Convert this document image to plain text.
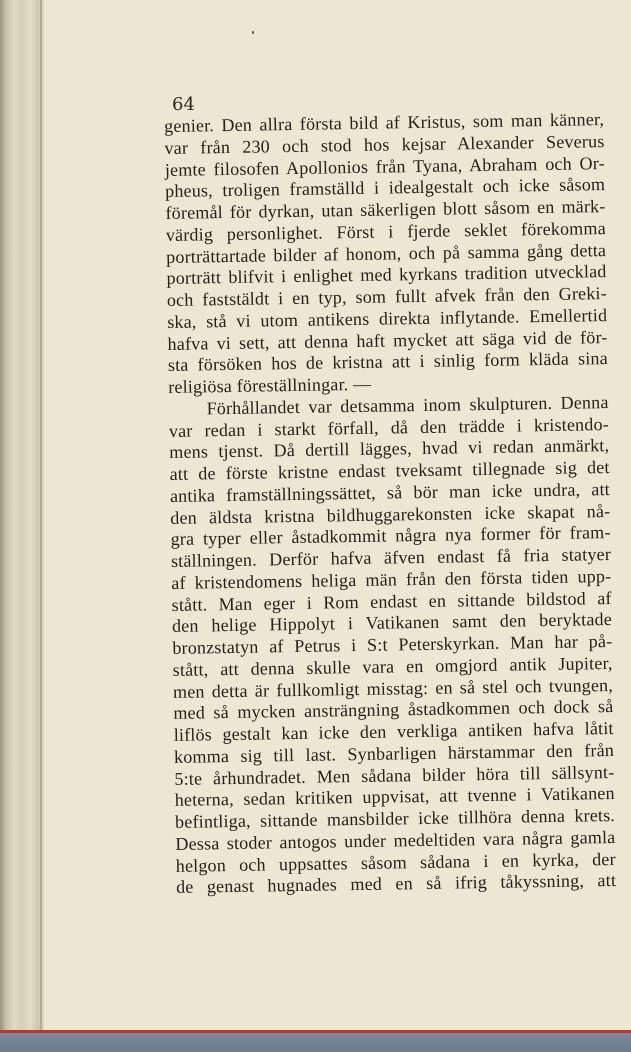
64

genier. Den allra första bild af Kristus, som man känner,
var från 230 och stod hos kejsar Alexander Severus
jemte filosofen Apollonios från Tyana, Abraham och Or-
pheus, troligen framställd i idealgestalt och icke såsom
föremål för dyrkan, utan säkerligen blott såsom en märk-
värdig personlighet. Först i fjerde seklet förekomma
porträttartade bilder af honom, och på samma gång detta
porträtt blifvit i enlighet med kyrkans tradition utvecklad
och faststäldt i en typ, som fullt afvek från den Greki-
ska, stå vi utom antikens direkta inflytande. Emellertid
hafva vi sett, att denna haft mycket att säga vid de för-
sta försöken hos de kristna att i sinlig form kläda sina
religiösa föreställningar. —
Förhållandet var detsamma inom skulpturen. Denna
var redan i starkt förfall, då den trädde i kristendo-
mens tjenst. Då dertill lägges, hvad vi redan anmärkt,
att de förste kristne endast tveksamt tillegnade sig det
antika framställningssättet, så bör man icke undra, att
den äldsta kristna bildhuggarekonsten icke skapat nå-
gra typer eller åstadkommit några nya former för fram-
ställningen. Derför hafva äfven endast få fria statyer
af kristendomens heliga män från den första tiden upp-
stått. Man eger i Rom endast en sittande bildstod af
den helige Hippolyt i Vatikanen samt den beryktade
bronzstatyn af Petrus i S:t Peterskyrkan. Man har på-
stått, att denna skulle vara en omgjord antik Jupiter,
men detta är fullkomligt misstag: en så stel och tvungen,
med så mycken ansträngning åstadkommen och dock så
liflös gestalt kan icke den verkliga antiken hafva låtit
komma sig till last. Synbarligen härstammar den från
5:te århundradet. Men sådana bilder höra till sällsynt-
heterna, sedan kritiken uppvisat, att tvenne i Vatikanen
befintliga, sittande mansbilder icke tillhöra denna krets.
Dessa stoder antogos under medeltiden vara några gamla
helgon och uppsattes såsom sådana i en kyrka, der
de genast hugnades med en så ifrig tåkyssning, att
